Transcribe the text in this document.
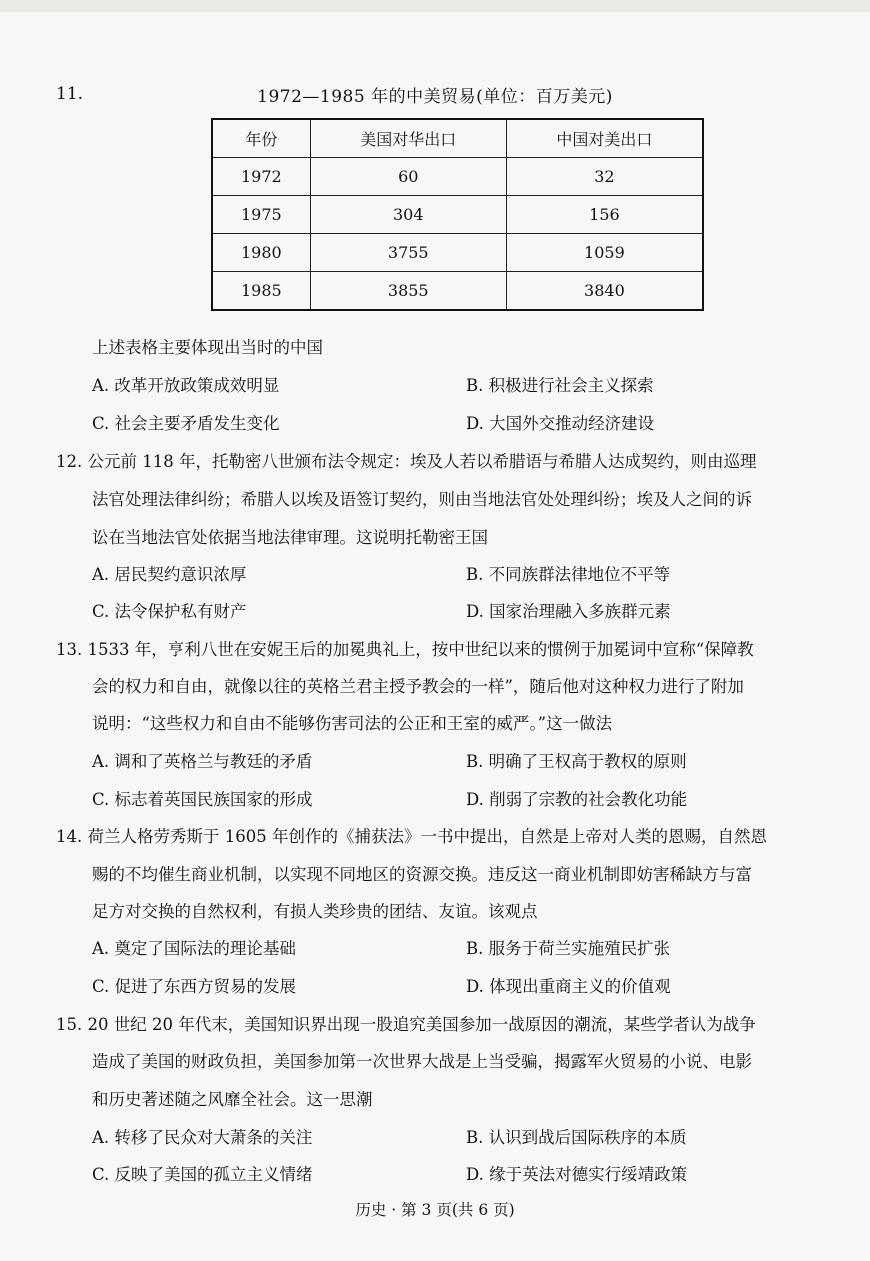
11.	1972—1985 年的中美贸易(单位：百万美元)
年份	美国对华出口	中国对美出口
1972	60	32
1975	304	156
1980	3755	1059
1985	3855	3840
上述表格主要体现出当时的中国
A. 改革开放政策成效明显	B. 积极进行社会主义探索
C. 社会主要矛盾发生变化	D. 大国外交推动经济建设
12. 公元前 118 年，托勒密八世颁布法令规定：埃及人若以希腊语与希腊人达成契约，则由巡理
法官处理法律纠纷；希腊人以埃及语签订契约，则由当地法官处处理纠纷；埃及人之间的诉
讼在当地法官处依据当地法律审理。这说明托勒密王国
A. 居民契约意识浓厚	B. 不同族群法律地位不平等
C. 法令保护私有财产	D. 国家治理融入多族群元素
13. 1533 年，亨利八世在安妮王后的加冕典礼上，按中世纪以来的惯例于加冕词中宣称“保障教
会的权力和自由，就像以往的英格兰君主授予教会的一样”，随后他对这种权力进行了附加
说明：“这些权力和自由不能够伤害司法的公正和王室的威严。”这一做法
A. 调和了英格兰与教廷的矛盾	B. 明确了王权高于教权的原则
C. 标志着英国民族国家的形成	D. 削弱了宗教的社会教化功能
14. 荷兰人格劳秀斯于 1605 年创作的《捕获法》一书中提出，自然是上帝对人类的恩赐，自然恩
赐的不均催生商业机制，以实现不同地区的资源交换。违反这一商业机制即妨害稀缺方与富
足方对交换的自然权利，有损人类珍贵的团结、友谊。该观点
A. 奠定了国际法的理论基础	B. 服务于荷兰实施殖民扩张
C. 促进了东西方贸易的发展	D. 体现出重商主义的价值观
15. 20 世纪 20 年代末，美国知识界出现一股追究美国参加一战原因的潮流，某些学者认为战争
造成了美国的财政负担，美国参加第一次世界大战是上当受骗，揭露军火贸易的小说、电影
和历史著述随之风靡全社会。这一思潮
A. 转移了民众对大萧条的关注	B. 认识到战后国际秩序的本质
C. 反映了美国的孤立主义情绪	D. 缘于英法对德实行绥靖政策
历史 · 第 3 页(共 6 页)
